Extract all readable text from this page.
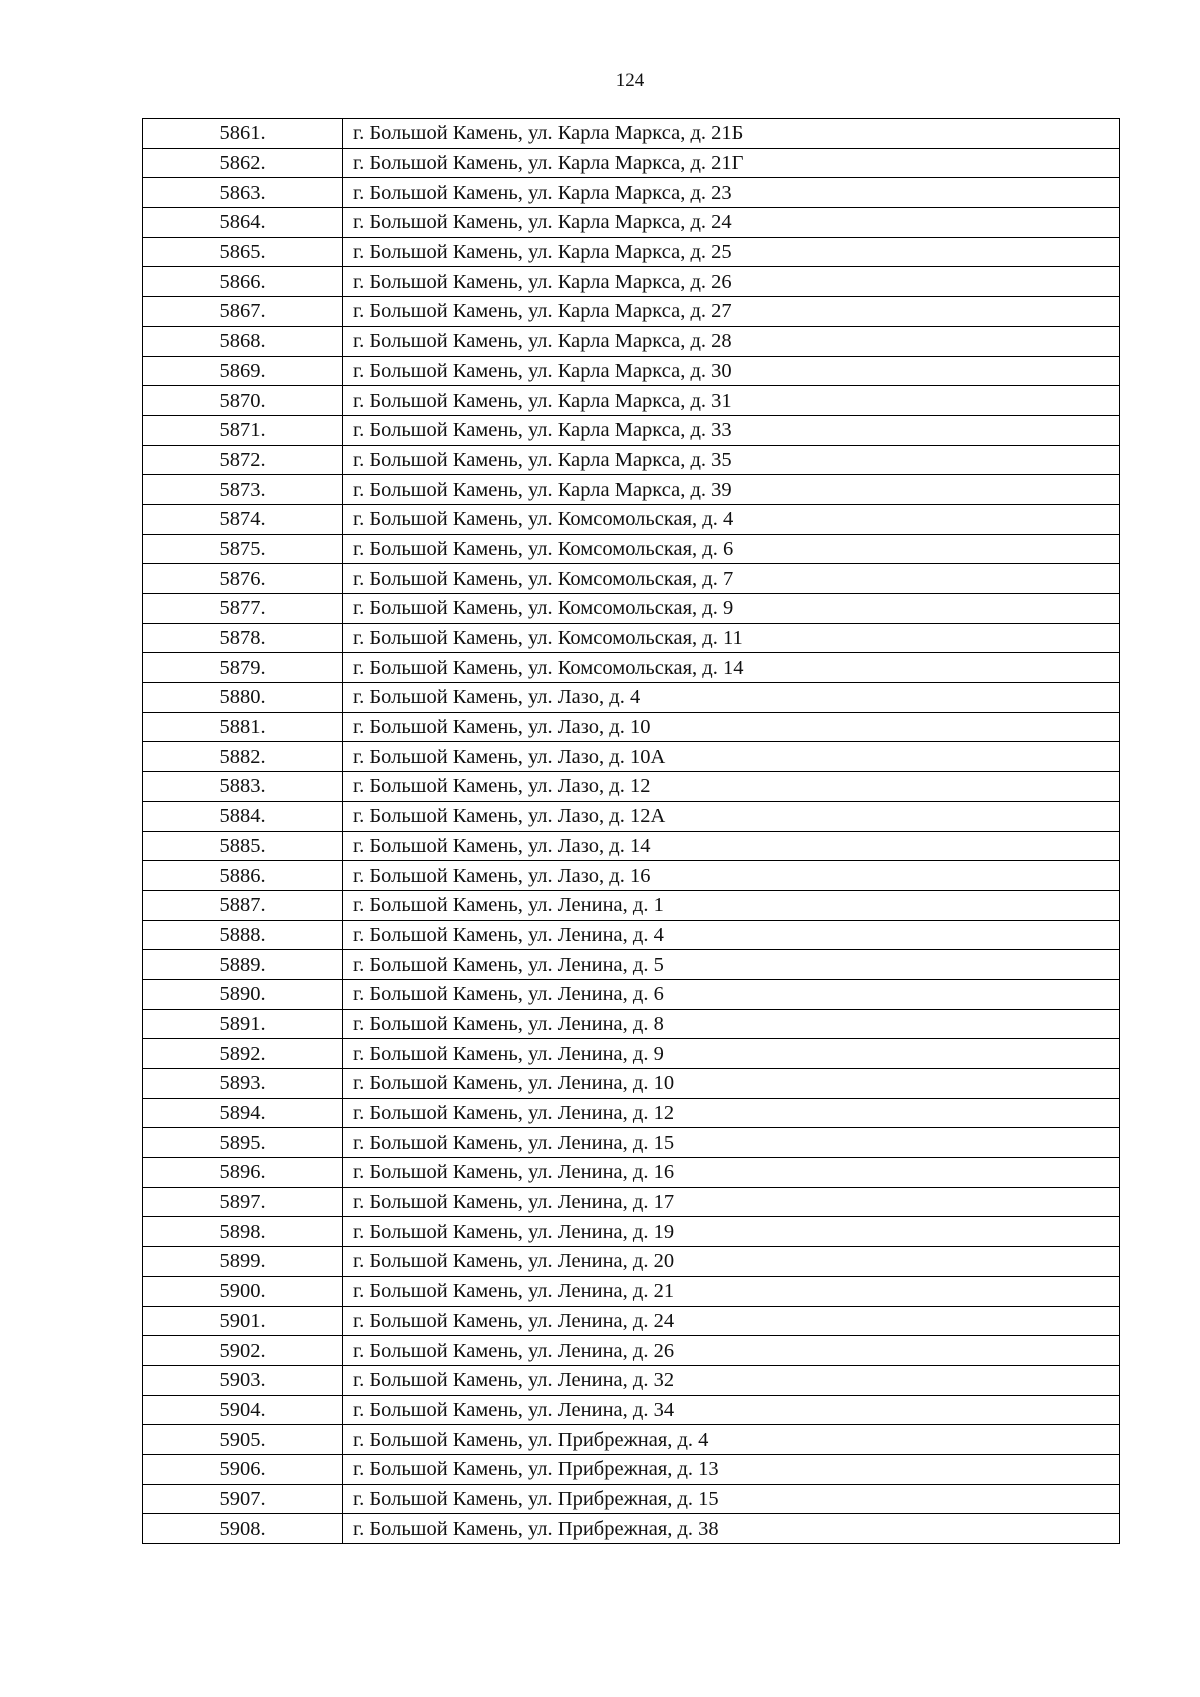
124
5861.	г. Большой Камень, ул. Карла Маркса, д. 21Б
5862.	г. Большой Камень, ул. Карла Маркса, д. 21Г
5863.	г. Большой Камень, ул. Карла Маркса, д. 23
5864.	г. Большой Камень, ул. Карла Маркса, д. 24
5865.	г. Большой Камень, ул. Карла Маркса, д. 25
5866.	г. Большой Камень, ул. Карла Маркса, д. 26
5867.	г. Большой Камень, ул. Карла Маркса, д. 27
5868.	г. Большой Камень, ул. Карла Маркса, д. 28
5869.	г. Большой Камень, ул. Карла Маркса, д. 30
5870.	г. Большой Камень, ул. Карла Маркса, д. 31
5871.	г. Большой Камень, ул. Карла Маркса, д. 33
5872.	г. Большой Камень, ул. Карла Маркса, д. 35
5873.	г. Большой Камень, ул. Карла Маркса, д. 39
5874.	г. Большой Камень, ул. Комсомольская, д. 4
5875.	г. Большой Камень, ул. Комсомольская, д. 6
5876.	г. Большой Камень, ул. Комсомольская, д. 7
5877.	г. Большой Камень, ул. Комсомольская, д. 9
5878.	г. Большой Камень, ул. Комсомольская, д. 11
5879.	г. Большой Камень, ул. Комсомольская, д. 14
5880.	г. Большой Камень, ул. Лазо, д. 4
5881.	г. Большой Камень, ул. Лазо, д. 10
5882.	г. Большой Камень, ул. Лазо, д. 10А
5883.	г. Большой Камень, ул. Лазо, д. 12
5884.	г. Большой Камень, ул. Лазо, д. 12А
5885.	г. Большой Камень, ул. Лазо, д. 14
5886.	г. Большой Камень, ул. Лазо, д. 16
5887.	г. Большой Камень, ул. Ленина, д. 1
5888.	г. Большой Камень, ул. Ленина, д. 4
5889.	г. Большой Камень, ул. Ленина, д. 5
5890.	г. Большой Камень, ул. Ленина, д. 6
5891.	г. Большой Камень, ул. Ленина, д. 8
5892.	г. Большой Камень, ул. Ленина, д. 9
5893.	г. Большой Камень, ул. Ленина, д. 10
5894.	г. Большой Камень, ул. Ленина, д. 12
5895.	г. Большой Камень, ул. Ленина, д. 15
5896.	г. Большой Камень, ул. Ленина, д. 16
5897.	г. Большой Камень, ул. Ленина, д. 17
5898.	г. Большой Камень, ул. Ленина, д. 19
5899.	г. Большой Камень, ул. Ленина, д. 20
5900.	г. Большой Камень, ул. Ленина, д. 21
5901.	г. Большой Камень, ул. Ленина, д. 24
5902.	г. Большой Камень, ул. Ленина, д. 26
5903.	г. Большой Камень, ул. Ленина, д. 32
5904.	г. Большой Камень, ул. Ленина, д. 34
5905.	г. Большой Камень, ул. Прибрежная, д. 4
5906.	г. Большой Камень, ул. Прибрежная, д. 13
5907.	г. Большой Камень, ул. Прибрежная, д. 15
5908.	г. Большой Камень, ул. Прибрежная, д. 38
